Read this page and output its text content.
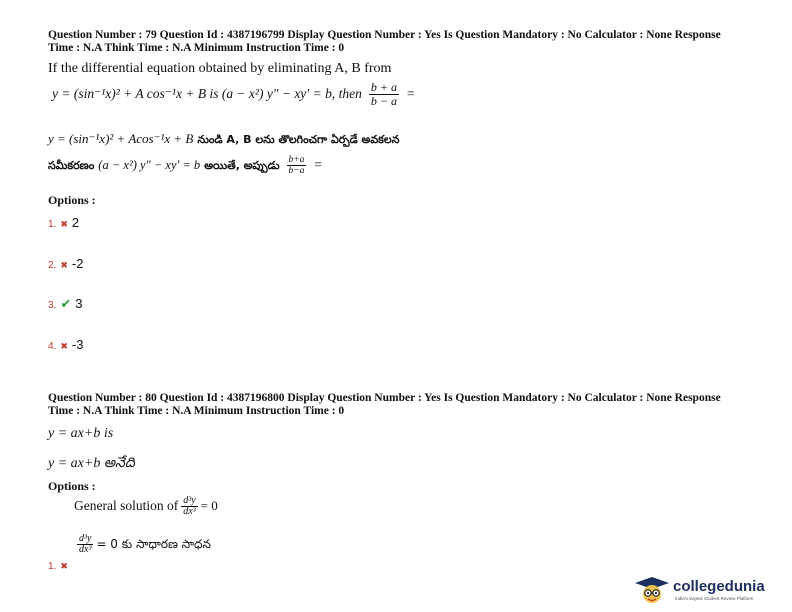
Question Number : 79 Question Id : 4387196799 Display Question Number : Yes Is Question Mandatory : No Calculator : None Response
Time : N.A Think Time : N.A Minimum Instruction Time : 0
If the differential equation obtained by eliminating A, B from
y = (sin⁻¹x)² + A cos⁻¹x + B is (a − x²) y″ − xy′ = b, then $\frac{b + a}{b - a}$ =
y = (sin⁻¹x)² + Acos⁻¹x + B నుండి A, B లను తొలగించగా ఏర్పడే అవకలన
సమీకరణం (a − x²) y″ − xy′ = b అయితే, అప్పుడు $\frac{b+a}{b-a}$ =
Options :
1. ✖ 2
2. ✖ -2
3. ✔ 3
4. ✖ -3
Question Number : 80 Question Id : 4387196800 Display Question Number : Yes Is Question Mandatory : No Calculator : None Response
Time : N.A Think Time : N.A Minimum Instruction Time : 0
y = ax+b is
y = ax+b అనేది
Options :
General solution of $\frac{\text{d³y}}{\text{dx³}} = 0$
$\frac{\text{d³y}}{\text{dx³}} = 0$ కు సాధారణ సాధన
1. ✖
collegedunia
India's largest Student Review Platform
